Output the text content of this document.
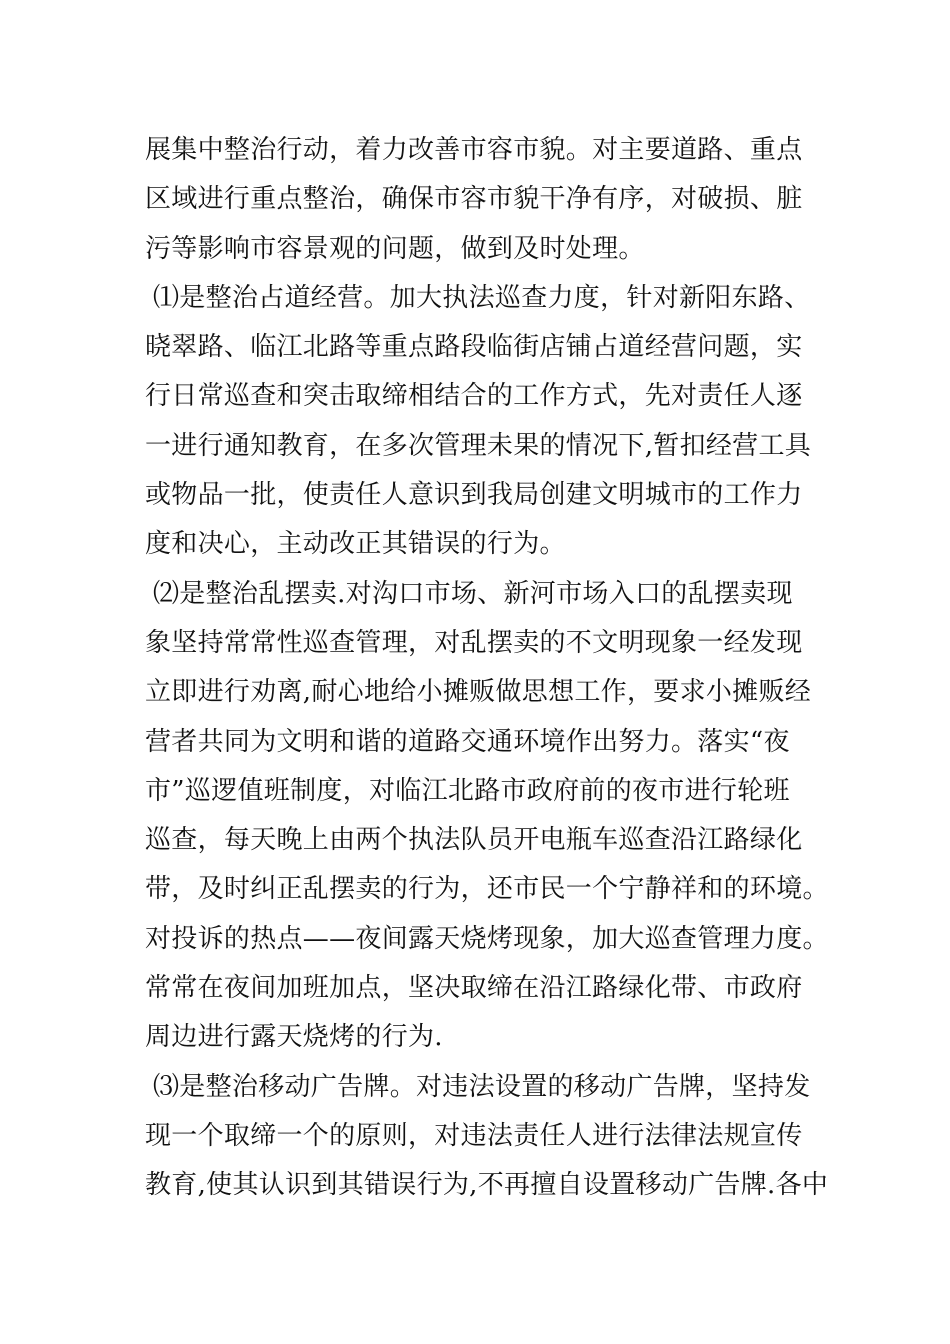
展集中整治行动，着力改善市容市貌。对主要道路、重点
区域进行重点整治，确保市容市貌干净有序，对破损、脏
污等影响市容景观的问题，做到及时处理。
⑴是整治占道经营。加大执法巡查力度，针对新阳东路、
晓翠路、临江北路等重点路段临街店铺占道经营问题，实
行日常巡查和突击取缔相结合的工作方式，先对责任人逐
一进行通知教育，在多次管理未果的情况下,暂扣经营工具
或物品一批，使责任人意识到我局创建文明城市的工作力
度和决心，主动改正其错误的行为。
⑵是整治乱摆卖.对沟口市场、新河市场入口的乱摆卖现
象坚持常常性巡查管理，对乱摆卖的不文明现象一经发现
立即进行劝离,耐心地给小摊贩做思想工作，要求小摊贩经
营者共同为文明和谐的道路交通环境作出努力。落实“夜
市”巡逻值班制度，对临江北路市政府前的夜市进行轮班
巡查，每天晚上由两个执法队员开电瓶车巡查沿江路绿化
带，及时纠正乱摆卖的行为，还市民一个宁静祥和的环境。
对投诉的热点——夜间露天烧烤现象，加大巡查管理力度。
常常在夜间加班加点，坚决取缔在沿江路绿化带、市政府
周边进行露天烧烤的行为.
⑶是整治移动广告牌。对违法设置的移动广告牌，坚持发
现一个取缔一个的原则，对违法责任人进行法律法规宣传
教育,使其认识到其错误行为,不再擅自设置移动广告牌.各中
